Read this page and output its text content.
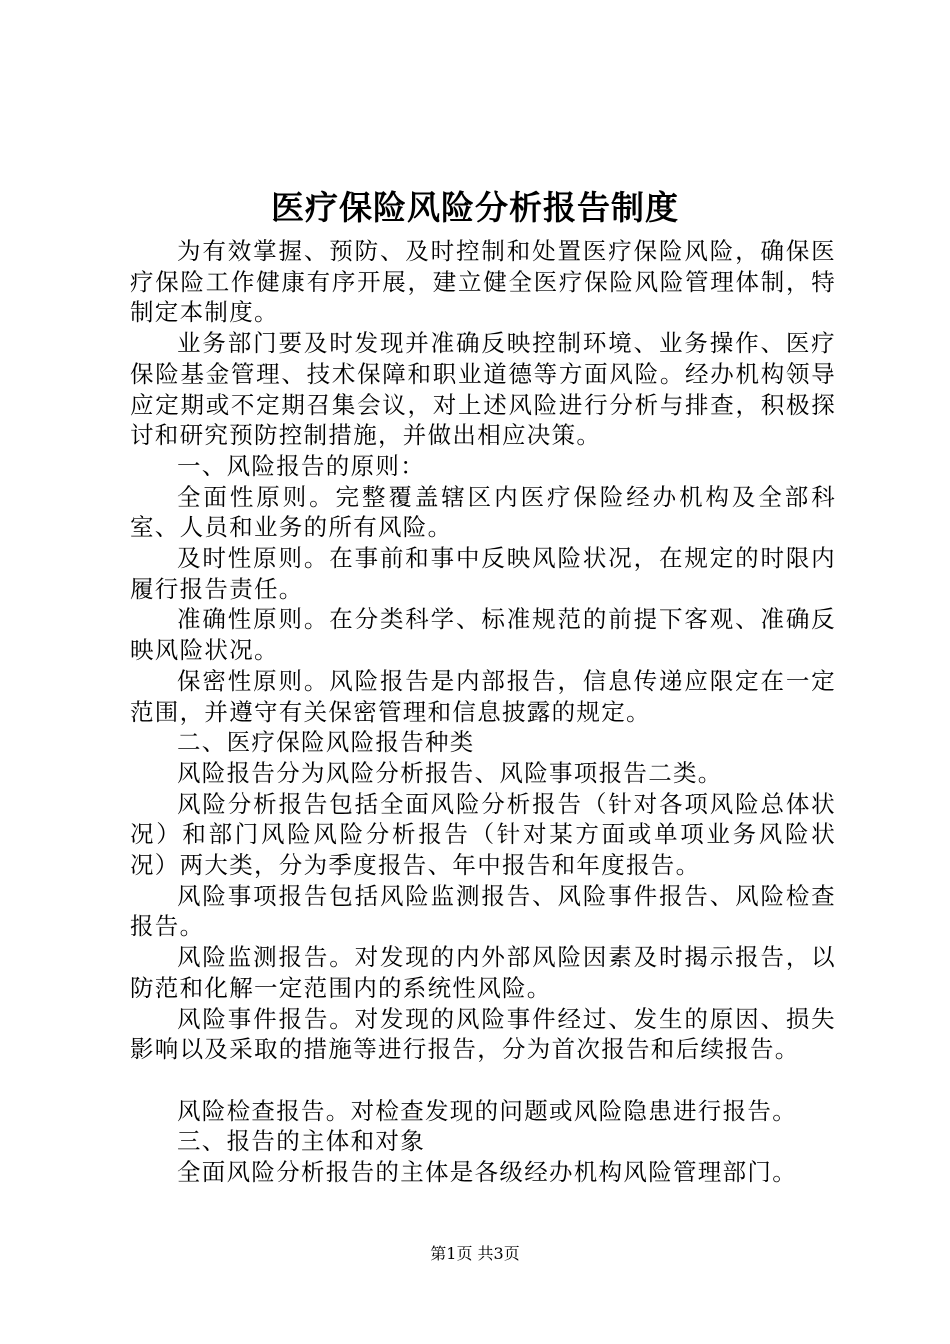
医疗保险风险分析报告制度

为有效掌握、预防、及时控制和处置医疗保险风险，确保医疗保险工作健康有序开展，建立健全医疗保险风险管理体制，特制定本制度。

业务部门要及时发现并准确反映控制环境、业务操作、医疗保险基金管理、技术保障和职业道德等方面风险。经办机构领导应定期或不定期召集会议，对上述风险进行分析与排查，积极探讨和研究预防控制措施，并做出相应决策。

一、风险报告的原则：

全面性原则。完整覆盖辖区内医疗保险经办机构及全部科室、人员和业务的所有风险。

及时性原则。在事前和事中反映风险状况，在规定的时限内履行报告责任。

准确性原则。在分类科学、标准规范的前提下客观、准确反映风险状况。

保密性原则。风险报告是内部报告，信息传递应限定在一定范围，并遵守有关保密管理和信息披露的规定。

二、医疗保险风险报告种类

风险报告分为风险分析报告、风险事项报告二类。

风险分析报告包括全面风险分析报告（针对各项风险总体状况）和部门风险风险分析报告（针对某方面或单项业务风险状况）两大类，分为季度报告、年中报告和年度报告。

风险事项报告包括风险监测报告、风险事件报告、风险检查报告。

风险监测报告。对发现的内外部风险因素及时揭示报告，以防范和化解一定范围内的系统性风险。

风险事件报告。对发现的风险事件经过、发生的原因、损失影响以及采取的措施等进行报告，分为首次报告和后续报告。

风险检查报告。对检查发现的问题或风险隐患进行报告。

三、报告的主体和对象

全面风险分析报告的主体是各级经办机构风险管理部门。

第1页 共3页
